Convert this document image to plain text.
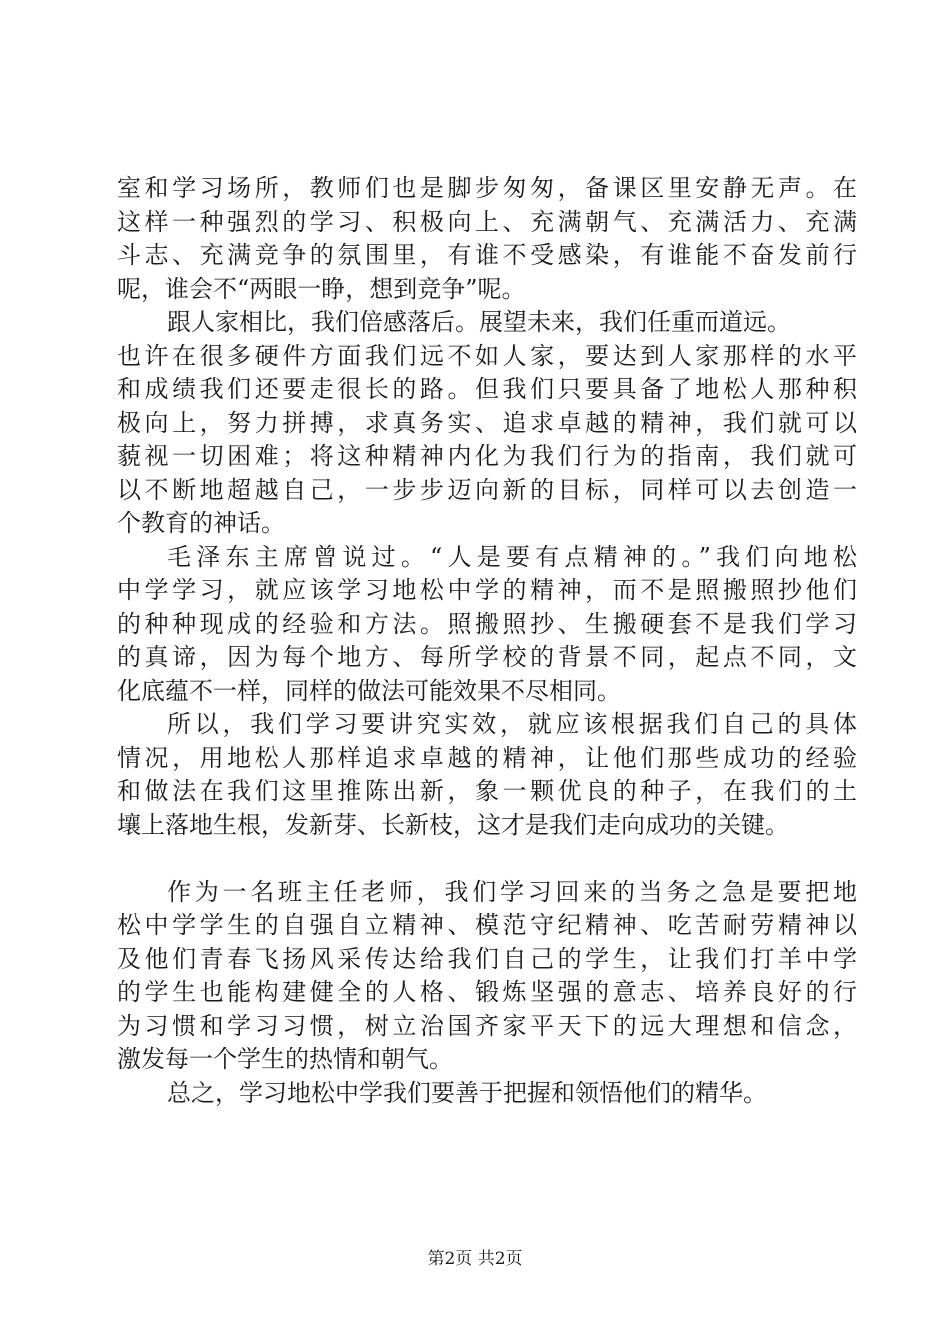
室和学习场所，教师们也是脚步匆匆，备课区里安静无声。在
这样一种强烈的学习、积极向上、充满朝气、充满活力、充满
斗志、充满竞争的氛围里，有谁不受感染，有谁能不奋发前行
呢，谁会不“两眼一睁，想到竞争”呢。
跟人家相比，我们倍感落后。展望未来，我们任重而道远。
也许在很多硬件方面我们远不如人家，要达到人家那样的水平
和成绩我们还要走很长的路。但我们只要具备了地松人那种积
极向上，努力拼搏，求真务实、追求卓越的精神，我们就可以
藐视一切困难；将这种精神内化为我们行为的指南，我们就可
以不断地超越自己，一步步迈向新的目标，同样可以去创造一
个教育的神话。
毛泽东主席曾说过。“人是要有点精神的。”我们向地松
中学学习，就应该学习地松中学的精神，而不是照搬照抄他们
的种种现成的经验和方法。照搬照抄、生搬硬套不是我们学习
的真谛，因为每个地方、每所学校的背景不同，起点不同，文
化底蕴不一样，同样的做法可能效果不尽相同。
所以，我们学习要讲究实效，就应该根据我们自己的具体
情况，用地松人那样追求卓越的精神，让他们那些成功的经验
和做法在我们这里推陈出新，象一颗优良的种子，在我们的土
壤上落地生根，发新芽、长新枝，这才是我们走向成功的关键。
作为一名班主任老师，我们学习回来的当务之急是要把地
松中学学生的自强自立精神、模范守纪精神、吃苦耐劳精神以
及他们青春飞扬风采传达给我们自己的学生，让我们打羊中学
的学生也能构建健全的人格、锻炼坚强的意志、培养良好的行
为习惯和学习习惯，树立治国齐家平天下的远大理想和信念，
激发每一个学生的热情和朝气。
总之，学习地松中学我们要善于把握和领悟他们的精华。
第2页 共2页
